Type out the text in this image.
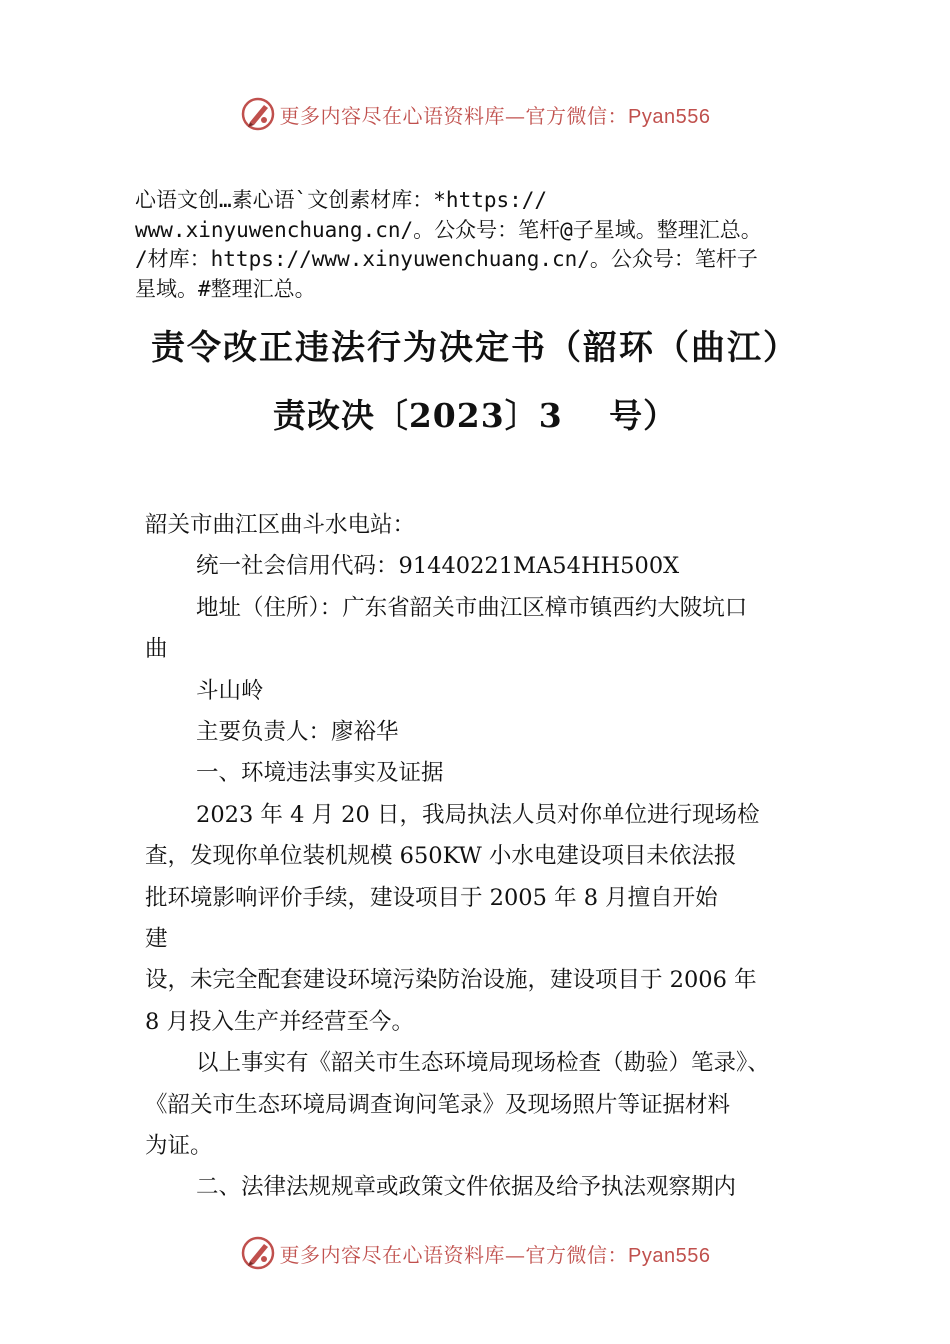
更多内容尽在心语资料库—官方微信：Pyan556
心语文创…素心语`文创素材库：*https://
www.xinyuwenchuang.cn/。公众号：笔杆@子星域。整理汇总。
/材库：https://www.xinyuwenchuang.cn/。公众号：笔杆子
星域。#整理汇总。
责令改正违法行为决定书（韶环（曲江）
责改决〔2023〕3　 号）
韶关市曲江区曲斗水电站：
统一社会信用代码：91440221MA54HH500X
地址（住所）：广东省韶关市曲江区樟市镇西约大陂坑口
曲
斗山岭
主要负责人：廖裕华
一、环境违法事实及证据
2023 年 4 月 20 日，我局执法人员对你单位进行现场检
查，发现你单位装机规模 650KW 小水电建设项目未依法报
批环境影响评价手续，建设项目于 2005 年 8 月擅自开始
建
设，未完全配套建设环境污染防治设施，建设项目于 2006 年
8 月投入生产并经营至今。
以上事实有《韶关市生态环境局现场检查（勘验）笔录》、
《韶关市生态环境局调查询问笔录》及现场照片等证据材料
为证。
二、法律法规规章或政策文件依据及给予执法观察期内
更多内容尽在心语资料库—官方微信：Pyan556
